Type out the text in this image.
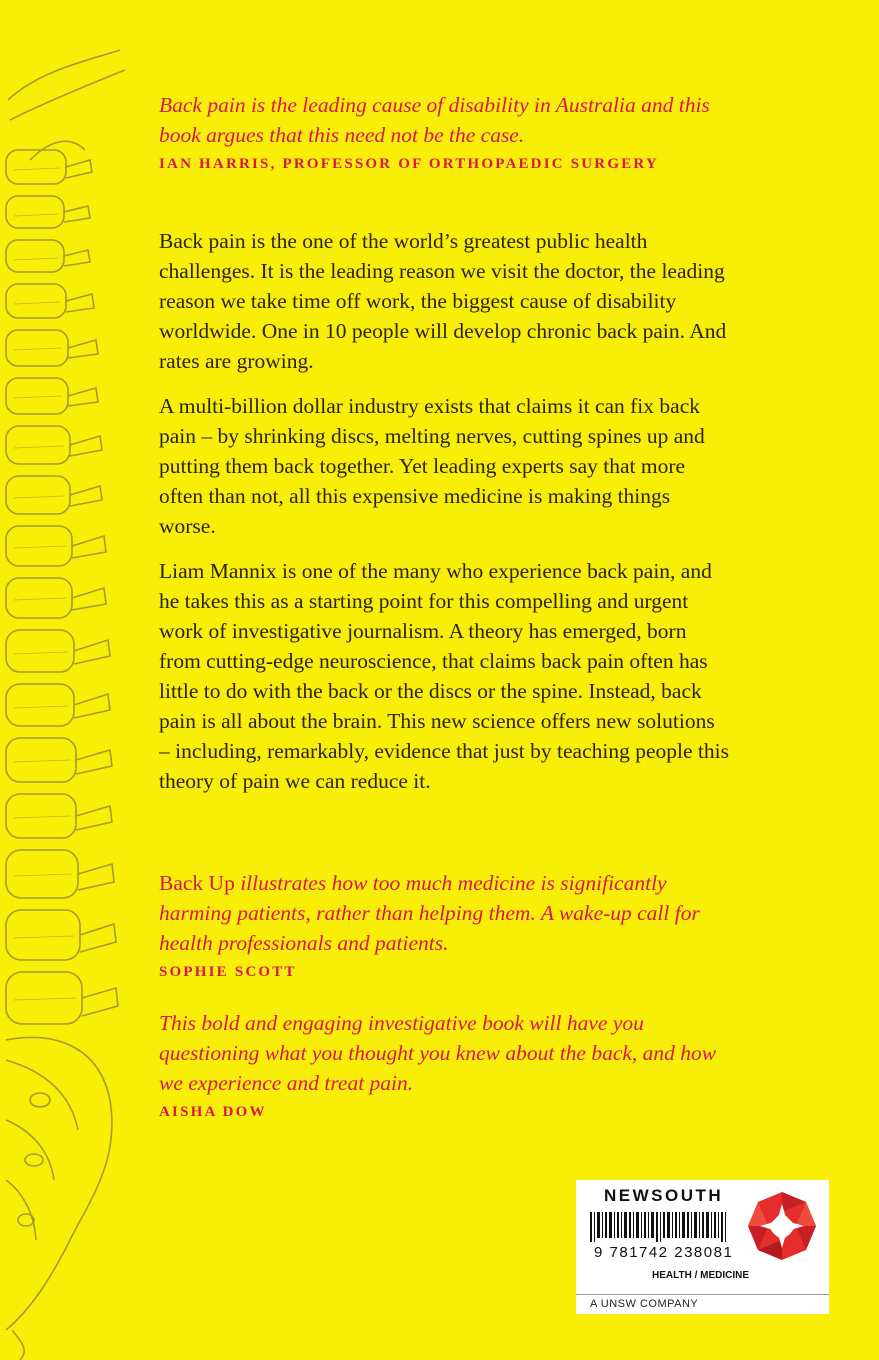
Back pain is the leading cause of disability in Australia and this book argues that this need not be the case.
IAN HARRIS, PROFESSOR OF ORTHOPAEDIC SURGERY

Back pain is the one of the world’s greatest public health challenges. It is the leading reason we visit the doctor, the leading reason we take time off work, the biggest cause of disability worldwide. One in 10 people will develop chronic back pain. And rates are growing.

A multi-billion dollar industry exists that claims it can fix back pain – by shrinking discs, melting nerves, cutting spines up and putting them back together. Yet leading experts say that more often than not, all this expensive medicine is making things worse.

Liam Mannix is one of the many who experience back pain, and he takes this as a starting point for this compelling and urgent work of investigative journalism. A theory has emerged, born from cutting-edge neuroscience, that claims back pain often has little to do with the back or the discs or the spine. Instead, back pain is all about the brain. This new science offers new solutions – including, remarkably, evidence that just by teaching people this theory of pain we can reduce it.

Back Up illustrates how too much medicine is significantly harming patients, rather than helping them. A wake-up call for health professionals and patients.
SOPHIE SCOTT
This bold and engaging investigative book will have you questioning what you thought you knew about the back, and how we experience and treat pain.
AISHA DOW
NEWSOUTH
9 781742 238081
HEALTH / MEDICINE
A UNSW COMPANY
